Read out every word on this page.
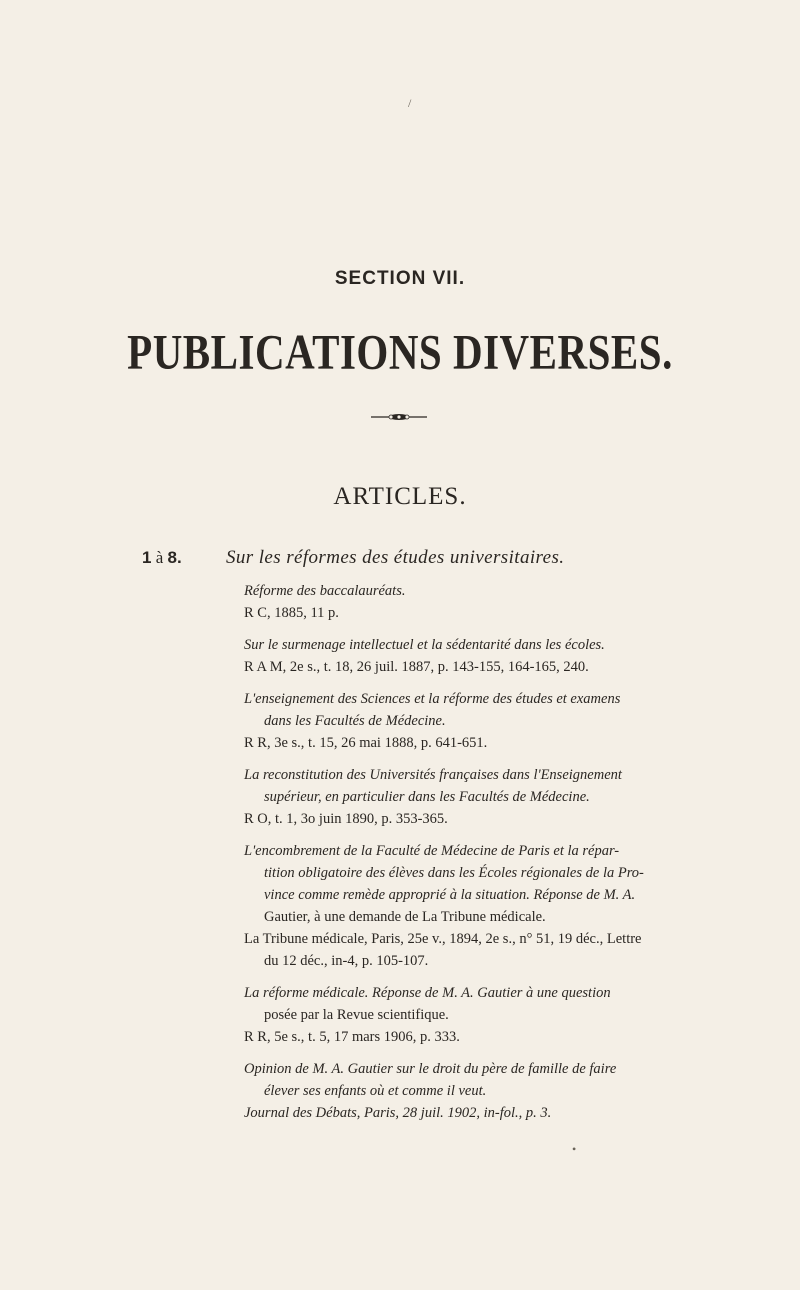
/
SECTION VII.
PUBLICATIONS DIVERSES.
ARTICLES.
1 à 8. Sur les réformes des études universitaires.
Réforme des baccalauréats.
R C, 1885, 11 p.
Sur le surmenage intellectuel et la sédentarité dans les écoles.
R A M, 2e s., t. 18, 26 juil. 1887, p. 143-155, 164-165, 240.
L'enseignement des Sciences et la réforme des études et examens
dans les Facultés de Médecine.
R R, 3e s., t. 15, 26 mai 1888, p. 641-651.
La reconstitution des Universités françaises dans l'Enseignement
supérieur, en particulier dans les Facultés de Médecine.
R O, t. 1, 3o juin 1890, p. 353-365.
L'encombrement de la Faculté de Médecine de Paris et la répar-
tition obligatoire des élèves dans les Écoles régionales de la Pro-
vince comme remède approprié à la situation. Réponse de M. A.
Gautier, à une demande de La Tribune médicale.
La Tribune médicale, Paris, 25e v., 1894, 2e s., n° 51, 19 déc., Lettre
du 12 déc., in-4, p. 105-107.
La réforme médicale. Réponse de M. A. Gautier à une question
posée par la Revue scientifique.
R R, 5e s., t. 5, 17 mars 1906, p. 333.
Opinion de M. A. Gautier sur le droit du père de famille de faire
élever ses enfants où et comme il veut.
Journal des Débats, Paris, 28 juil. 1902, in-fol., p. 3.
•
